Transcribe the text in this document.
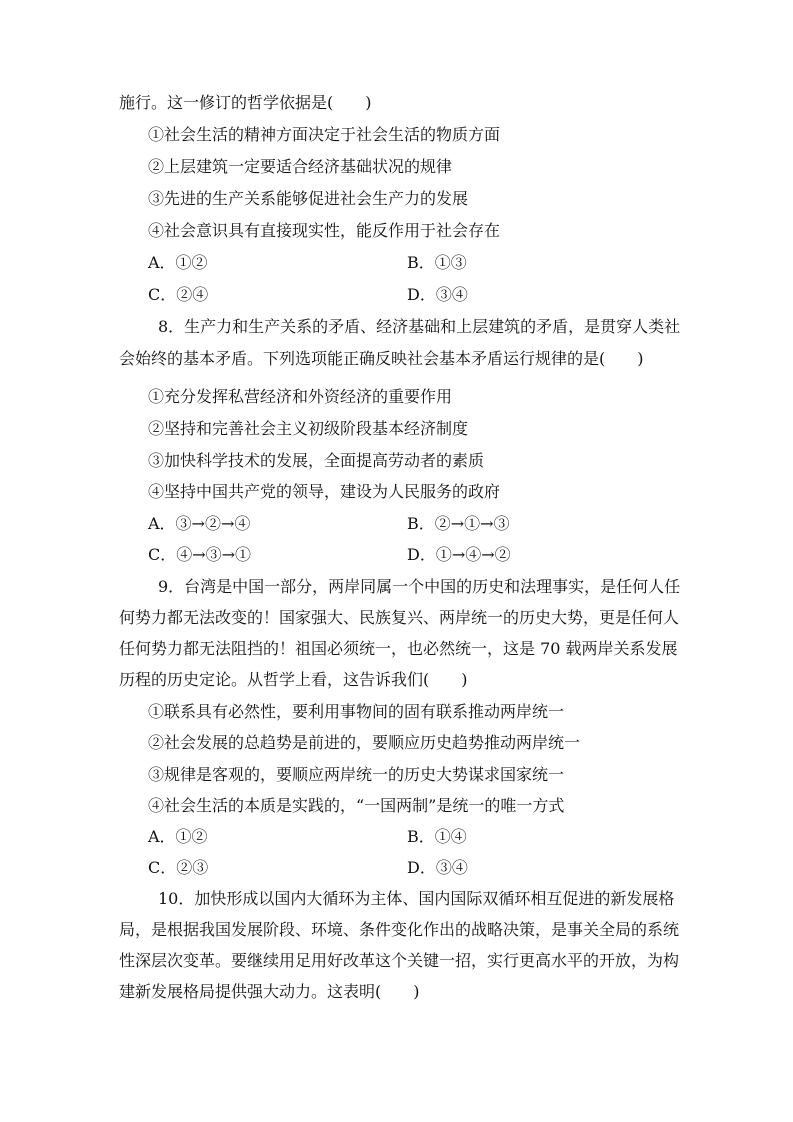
施行。这一修订的哲学依据是(　　)
①社会生活的精神方面决定于社会生活的物质方面
②上层建筑一定要适合经济基础状况的规律
③先进的生产关系能够促进社会生产力的发展
④社会意识具有直接现实性，能反作用于社会存在
A．①②	B．①③
C．②④	D．③④
8．生产力和生产关系的矛盾、经济基础和上层建筑的矛盾，是贯穿人类社
会始终的基本矛盾。下列选项能正确反映社会基本矛盾运行规律的是(　　)
①充分发挥私营经济和外资经济的重要作用
②坚持和完善社会主义初级阶段基本经济制度
③加快科学技术的发展，全面提高劳动者的素质
④坚持中国共产党的领导，建设为人民服务的政府
A．③→②→④	B．②→①→③
C．④→③→①	D．①→④→②
9．台湾是中国一部分，两岸同属一个中国的历史和法理事实，是任何人任
何势力都无法改变的！国家强大、民族复兴、两岸统一的历史大势，更是任何人
任何势力都无法阻挡的！祖国必须统一，也必然统一，这是 70 载两岸关系发展
历程的历史定论。从哲学上看，这告诉我们(　　)
①联系具有必然性，要利用事物间的固有联系推动两岸统一
②社会发展的总趋势是前进的，要顺应历史趋势推动两岸统一
③规律是客观的，要顺应两岸统一的历史大势谋求国家统一
④社会生活的本质是实践的，“一国两制”是统一的唯一方式
A．①②	B．①④
C．②③	D．③④
10．加快形成以国内大循环为主体、国内国际双循环相互促进的新发展格
局，是根据我国发展阶段、环境、条件变化作出的战略决策，是事关全局的系统
性深层次变革。要继续用足用好改革这个关键一招，实行更高水平的开放，为构
建新发展格局提供强大动力。这表明(　　)
